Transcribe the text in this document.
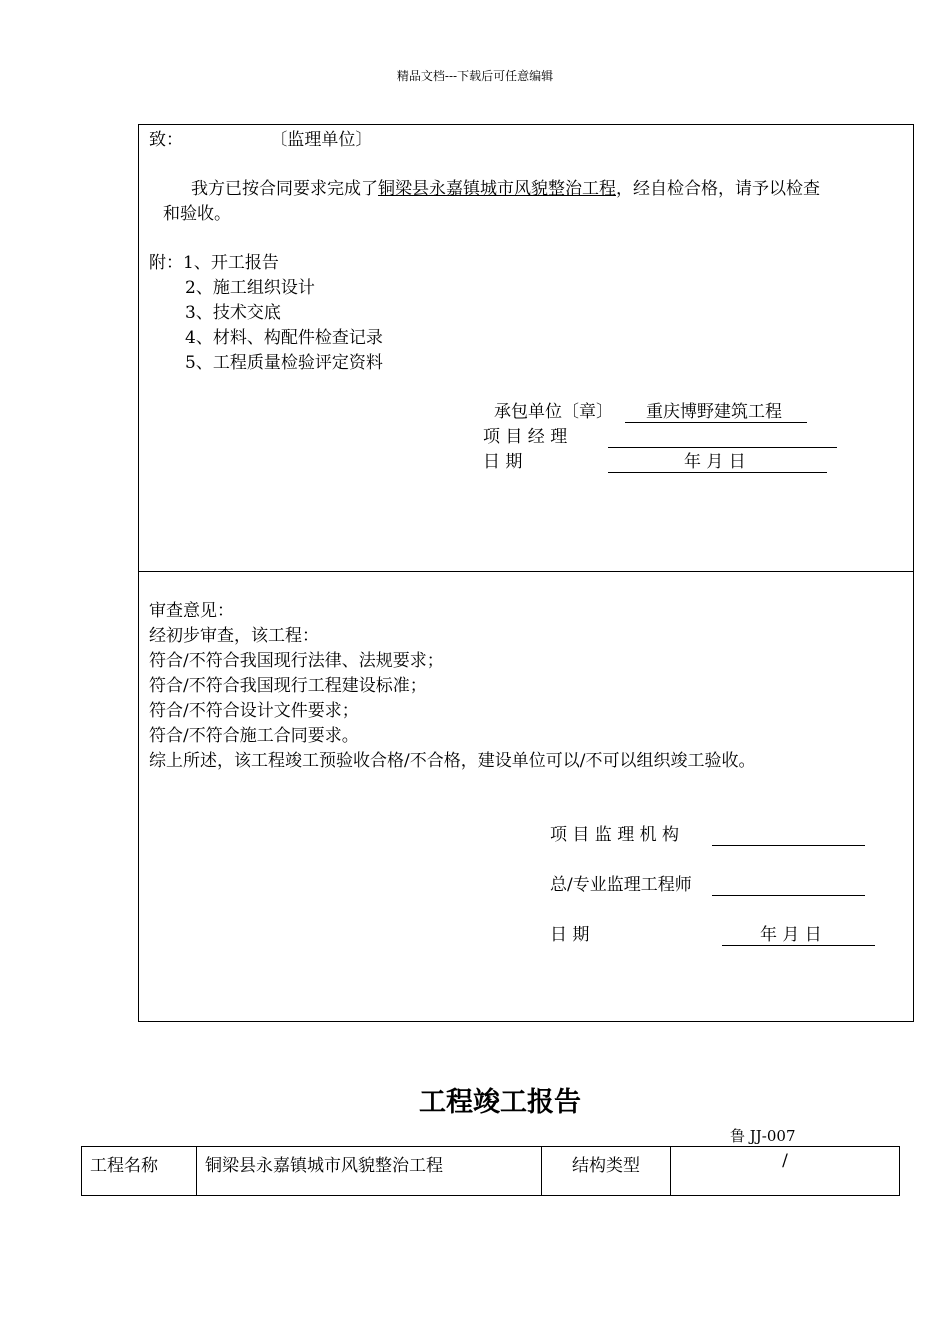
精品文档---下载后可任意编辑
致：	〔监理单位〕
我方已按合同要求完成了铜梁县永嘉镇城市风貌整治工程，经自检合格，请予以检查
和验收。
附：1、开工报告
2、施工组织设计
3、技术交底
4、材料、构配件检查记录
5、工程质量检验评定资料
承包单位〔章〕 重庆博野建筑工程
项 目 经 理
日 期	年 月 日
审查意见：
经初步审查，该工程：
符合/不符合我国现行法律、法规要求；
符合/不符合我国现行工程建设标准；
符合/不符合设计文件要求；
符合/不符合施工合同要求。
综上所述，该工程竣工预验收合格/不合格，建设单位可以/不可以组织竣工验收。
项 目 监 理 机 构
总/专业监理工程师
日 期	年 月 日
工程竣工报告
鲁 JJ-007
工程名称	铜梁县永嘉镇城市风貌整治工程	结构类型	/
